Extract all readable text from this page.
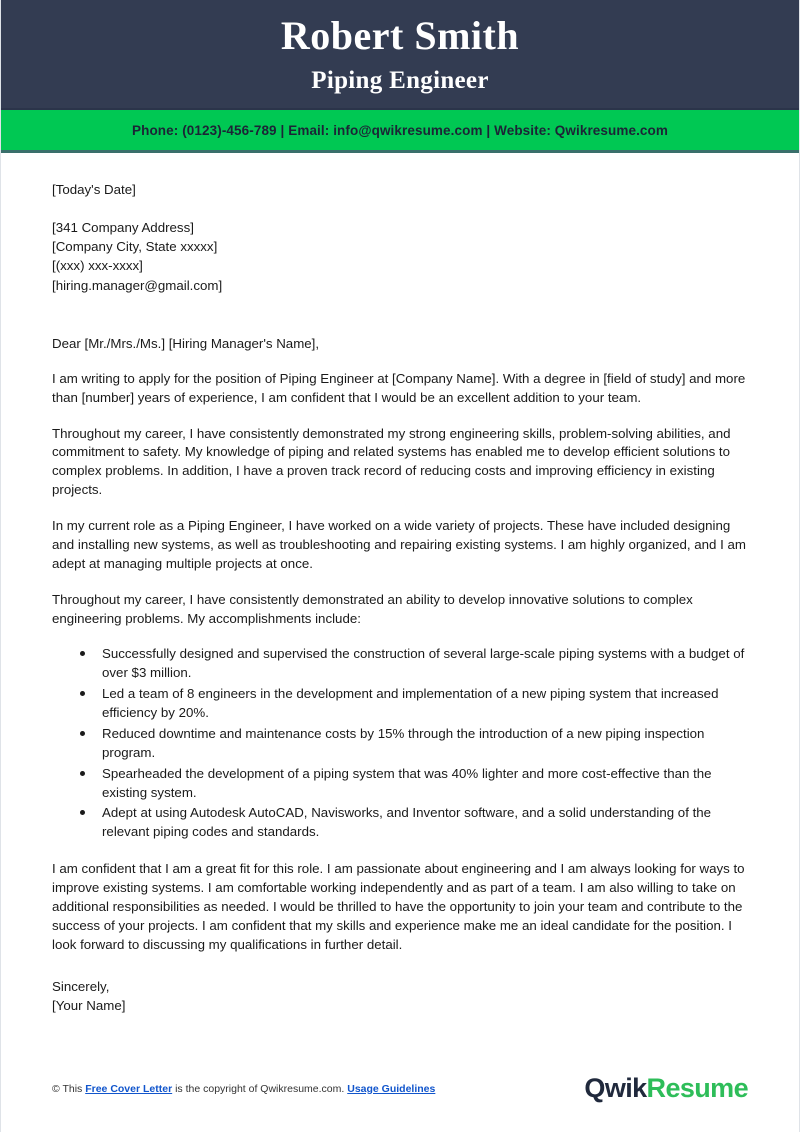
Robert Smith
Piping Engineer
Phone: (0123)-456-789 | Email: info@qwikresume.com | Website: Qwikresume.com
[Today's Date]
[341 Company Address]
[Company City, State xxxxx]
[(xxx) xxx-xxxx]
[hiring.manager@gmail.com]
Dear [Mr./Mrs./Ms.] [Hiring Manager's Name],

I am writing to apply for the position of Piping Engineer at [Company Name]. With a degree in [field of study] and more than [number] years of experience, I am confident that I would be an excellent addition to your team.

Throughout my career, I have consistently demonstrated my strong engineering skills, problem-solving abilities, and commitment to safety. My knowledge of piping and related systems has enabled me to develop efficient solutions to complex problems. In addition, I have a proven track record of reducing costs and improving efficiency in existing projects.

In my current role as a Piping Engineer, I have worked on a wide variety of projects. These have included designing and installing new systems, as well as troubleshooting and repairing existing systems. I am highly organized, and I am adept at managing multiple projects at once.

Throughout my career, I have consistently demonstrated an ability to develop innovative solutions to complex engineering problems. My accomplishments include:

Successfully designed and supervised the construction of several large-scale piping systems with a budget of over $3 million.
Led a team of 8 engineers in the development and implementation of a new piping system that increased efficiency by 20%.
Reduced downtime and maintenance costs by 15% through the introduction of a new piping inspection program.
Spearheaded the development of a piping system that was 40% lighter and more cost-effective than the existing system.
Adept at using Autodesk AutoCAD, Navisworks, and Inventor software, and a solid understanding of the relevant piping codes and standards.

I am confident that I am a great fit for this role. I am passionate about engineering and I am always looking for ways to improve existing systems. I am comfortable working independently and as part of a team. I am also willing to take on additional responsibilities as needed. I would be thrilled to have the opportunity to join your team and contribute to the success of your projects. I am confident that my skills and experience make me an ideal candidate for the position. I look forward to discussing my qualifications in further detail.

Sincerely,
[Your Name]
© This Free Cover Letter is the copyright of Qwikresume.com. Usage Guidelines	QwikResume
